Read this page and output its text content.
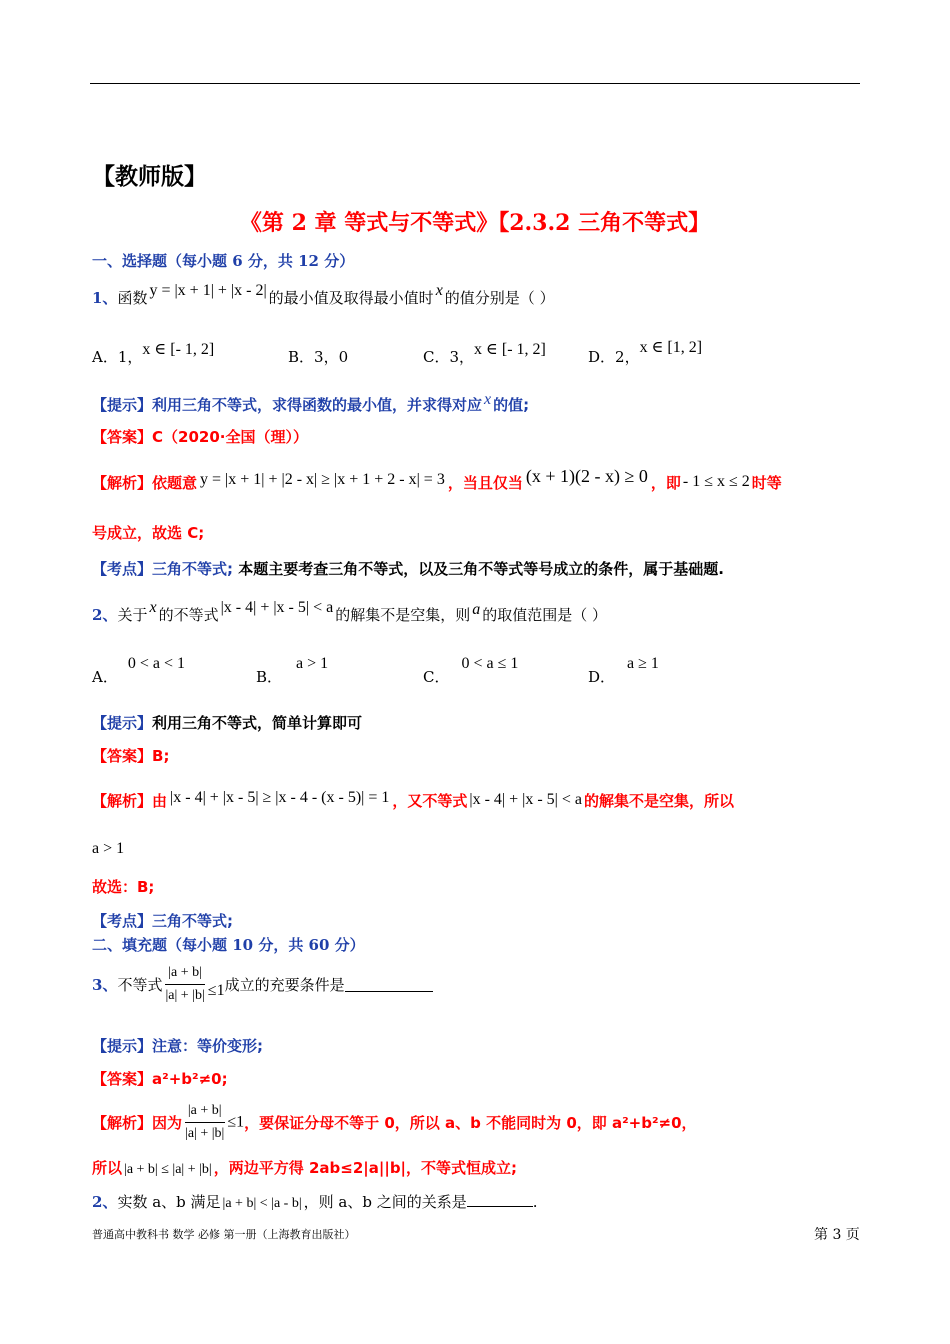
【教师版】
《第 2 章 等式与不等式》【2.3.2 三角不等式】
一、选择题（每小题 6 分，共 12 分）
1、函数 y = |x + 1| + |x - 2| 的最小值及取得最小值时 x 的值分别是（ ）
A．1，x ∈ [- 1, 2]	B．3，0	C．3，x ∈ [- 1, 2]	D．2，x ∈ [1, 2]
【提示】利用三角不等式，求得函数的最小值，并求得对应 x 的值;
【答案】C（2020·全国（理））
【解析】依题意 y = |x + 1| + |2 - x| ≥ |x + 1 + 2 - x| = 3 ，当且仅当 (x + 1)(2 - x) ≥ 0 ，即 - 1 ≤ x ≤ 2 时等
号成立，故选 C;
【考点】三角不等式; 本题主要考查三角不等式，以及三角不等式等号成立的条件，属于基础题.
2、关于 x 的不等式 |x - 4| + |x - 5| < a 的解集不是空集，则 a 的取值范围是（ ）
A．0 < a < 1
B．a > 1
C．0 < a ≤ 1
D．a ≥ 1
【提示】利用三角不等式，简单计算即可
【答案】B;
【解析】由 |x - 4| + |x - 5| ≥ |x - 4 - (x - 5)| = 1 ，又不等式 |x - 4| + |x - 5| < a 的解集不是空集，所以
a > 1
故选：B;
【考点】三角不等式;
二、填充题（每小题 10 分，共 60 分）
3、不等式 $\frac{|a + b|}{|a| + |b|} \le 1$成立的充要条件是
【提示】注意：等价变形;
【答案】a²+b²≠0;
【解析】因为 $\frac{|a + b|}{|a| + |b|} \le 1$，要保证分母不等于 0，所以 a、b 不能同时为 0，即 a²+b²≠0，
所以 |a + b| ≤ |a| + |b| ，两边平方得 2ab≤2|a||b|，不等式恒成立;
2、实数 a、b 满足 |a + b| < |a - b| ，则 a、b 之间的关系是	.
普通高中教科书 数学 必修 第一册（上海教育出版社）	第 3 页
